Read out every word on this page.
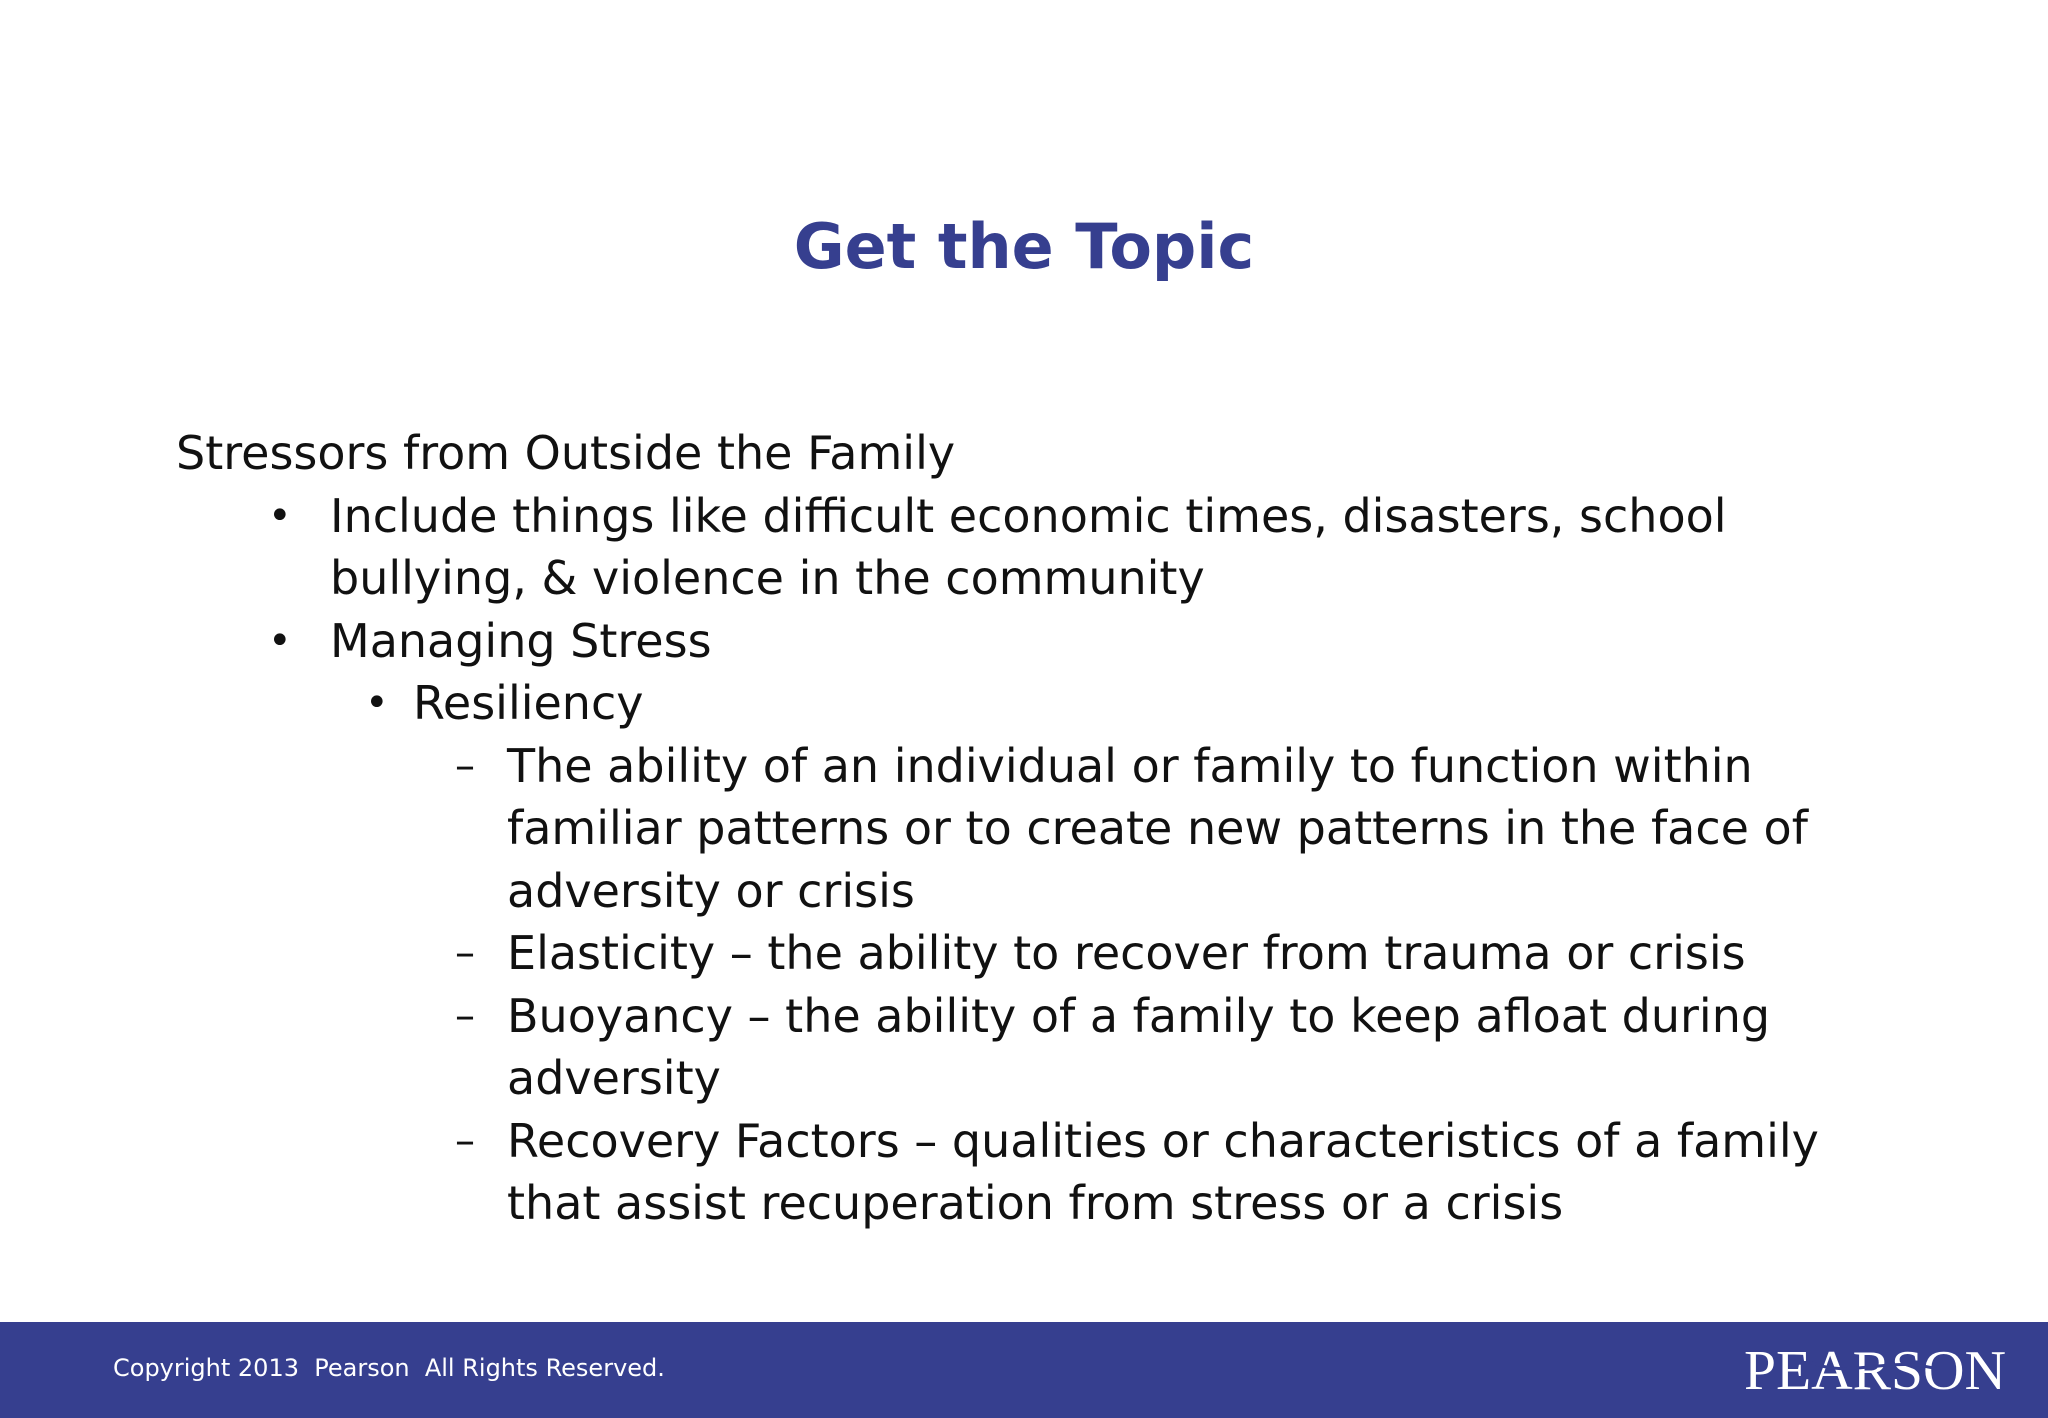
Get the Topic
Stressors from Outside the Family
• Include things like difficult economic times, disasters, school
bullying, & violence in the community
• Managing Stress
• Resiliency
– The ability of an individual or family to function within
familiar patterns or to create new patterns in the face of
adversity or crisis
– Elasticity – the ability to recover from trauma or crisis
– Buoyancy – the ability of a family to keep afloat during
adversity
– Recovery Factors – qualities or characteristics of a family
that assist recuperation from stress or a crisis
Copyright 2013  Pearson  All Rights Reserved.	PEARSON
